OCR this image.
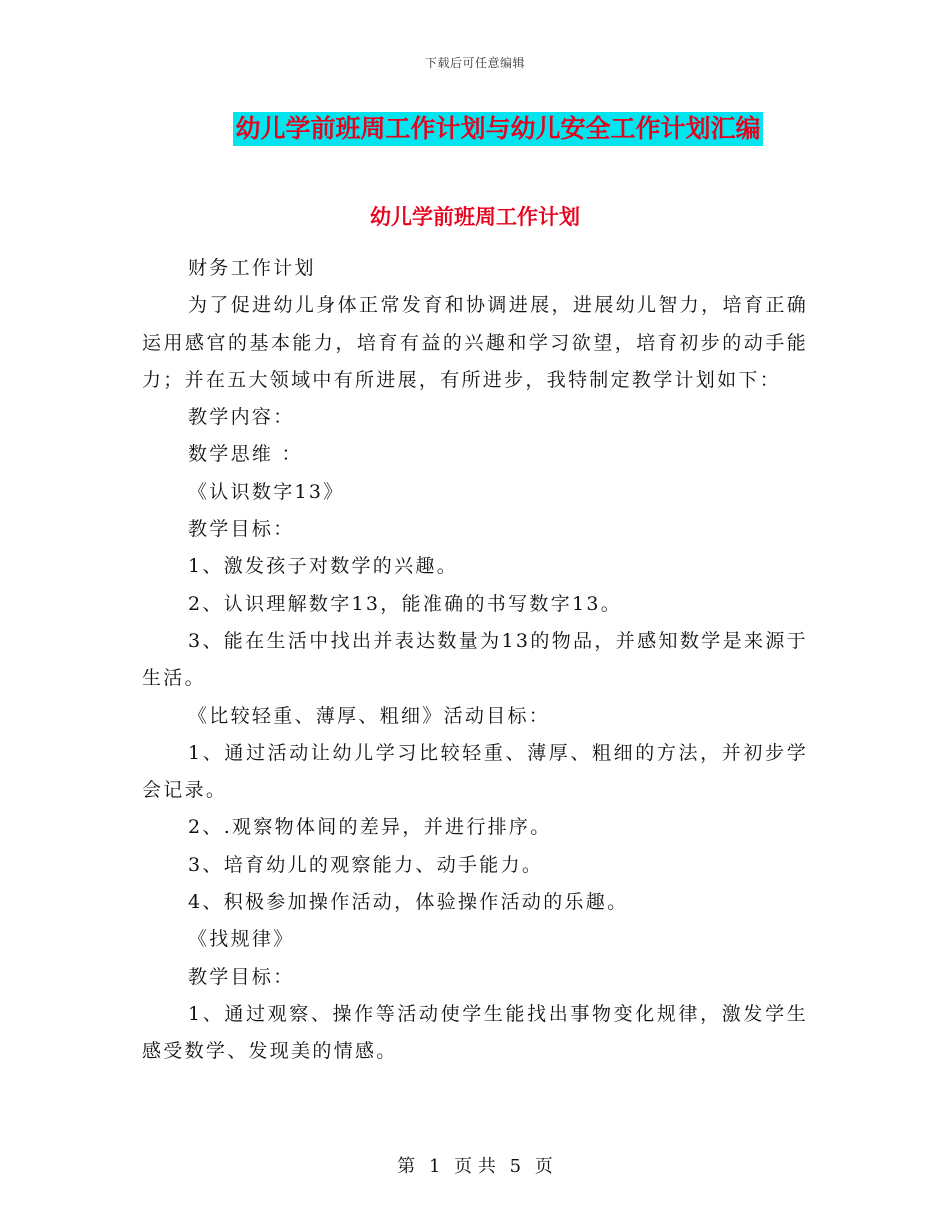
下载后可任意编辑
幼儿学前班周工作计划与幼儿安全工作计划汇编
幼儿学前班周工作计划

财务工作计划

为了促进幼儿身体正常发育和协调进展，进展幼儿智力，培育正确运用感官的基本能力，培育有益的兴趣和学习欲望，培育初步的动手能力；并在五大领域中有所进展，有所进步，我特制定教学计划如下：

教学内容：

数学思维 ：

《认识数字13》

教学目标：

1、激发孩子对数学的兴趣。

2、认识理解数字13，能准确的书写数字13。

3、能在生活中找出并表达数量为13的物品，并感知数学是来源于生活。

《比较轻重、薄厚、粗细》活动目标：

1、通过活动让幼儿学习比较轻重、薄厚、粗细的方法，并初步学会记录。

2、.观察物体间的差异，并进行排序。

3、培育幼儿的观察能力、动手能力。

4、积极参加操作活动，体验操作活动的乐趣。

《找规律》

教学目标：

1、通过观察、操作等活动使学生能找出事物变化规律，激发学生感受数学、发现美的情感。

第 1 页 共 5 页
